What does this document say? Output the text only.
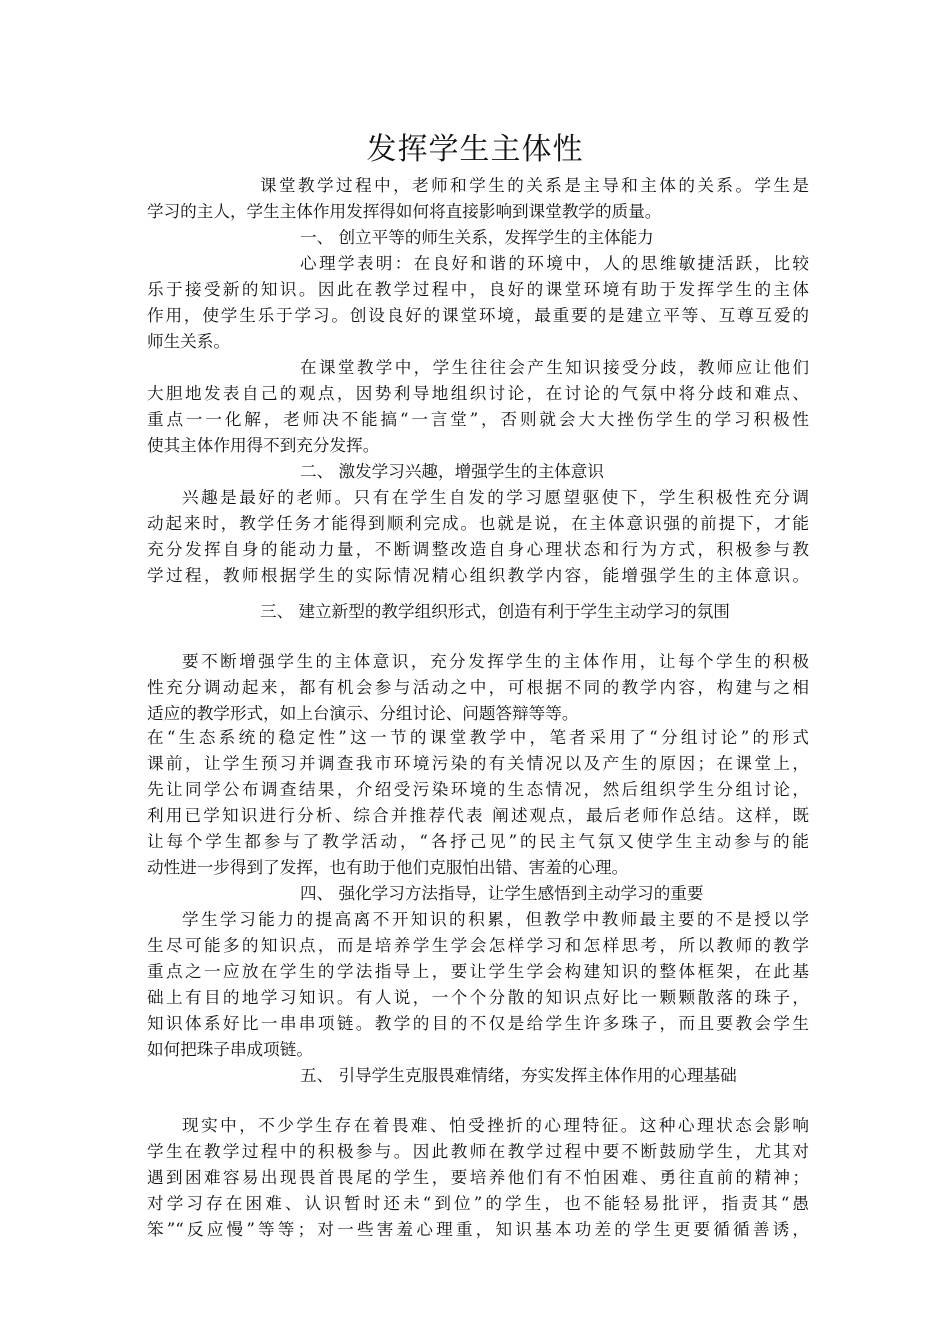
发挥学生主体性
课堂教学过程中，老师和学生的关系是主导和主体的关系。学生是
学习的主人，学生主体作用发挥得如何将直接影响到课堂教学的质量。
一、 创立平等的师生关系，发挥学生的主体能力
心理学表明：在良好和谐的环境中，人的思维敏捷活跃，比较
乐于接受新的知识。因此在教学过程中，良好的课堂环境有助于发挥学生的主体
作用，使学生乐于学习。创设良好的课堂环境，最重要的是建立平等、互尊互爱的
师生关系。
在课堂教学中，学生往往会产生知识接受分歧，教师应让他们
大胆地发表自己的观点，因势利导地组织讨论，在讨论的气氛中将分歧和难点、
重点一一化解，老师决不能搞“一言堂”，否则就会大大挫伤学生的学习积极性
使其主体作用得不到充分发挥。
二、 激发学习兴趣，增强学生的主体意识
兴趣是最好的老师。只有在学生自发的学习愿望驱使下，学生积极性充分调
动起来时，教学任务才能得到顺利完成。也就是说，在主体意识强的前提下，才能
充分发挥自身的能动力量，不断调整改造自身心理状态和行为方式，积极参与教
学过程，教师根据学生的实际情况精心组织教学内容，能增强学生的主体意识。
三、 建立新型的教学组织形式，创造有利于学生主动学习的氛围
要不断增强学生的主体意识，充分发挥学生的主体作用，让每个学生的积极
性充分调动起来，都有机会参与活动之中，可根据不同的教学内容，构建与之相
适应的教学形式，如上台演示、分组讨论、问题答辩等等。
在“生态系统的稳定性”这一节的课堂教学中，笔者采用了“分组讨论”的形式
课前，让学生预习并调查我市环境污染的有关情况以及产生的原因；在课堂上，
先让同学公布调查结果，介绍受污染环境的生态情况，然后组织学生分组讨论，
利用已学知识进行分析、综合并推荐代表 阐述观点，最后老师作总结。这样，既
让每个学生都参与了教学活动，“各抒己见”的民主气氛又使学生主动参与的能
动性进一步得到了发挥，也有助于他们克服怕出错、害羞的心理。
四、 强化学习方法指导，让学生感悟到主动学习的重要
学生学习能力的提高离不开知识的积累，但教学中教师最主要的不是授以学
生尽可能多的知识点，而是培养学生学会怎样学习和怎样思考，所以教师的教学
重点之一应放在学生的学法指导上，要让学生学会构建知识的整体框架，在此基
础上有目的地学习知识。有人说，一个个分散的知识点好比一颗颗散落的珠子，
知识体系好比一串串项链。教学的目的不仅是给学生许多珠子，而且要教会学生
如何把珠子串成项链。
五、 引导学生克服畏难情绪，夯实发挥主体作用的心理基础
现实中，不少学生存在着畏难、怕受挫折的心理特征。这种心理状态会影响
学生在教学过程中的积极参与。因此教师在教学过程中要不断鼓励学生，尤其对
遇到困难容易出现畏首畏尾的学生，要培养他们有不怕困难、勇往直前的精神；
对学习存在困难、认识暂时还未“到位”的学生，也不能轻易批评，指责其“愚
笨”“反应慢”等等；对一些害羞心理重，知识基本功差的学生更要循循善诱，
